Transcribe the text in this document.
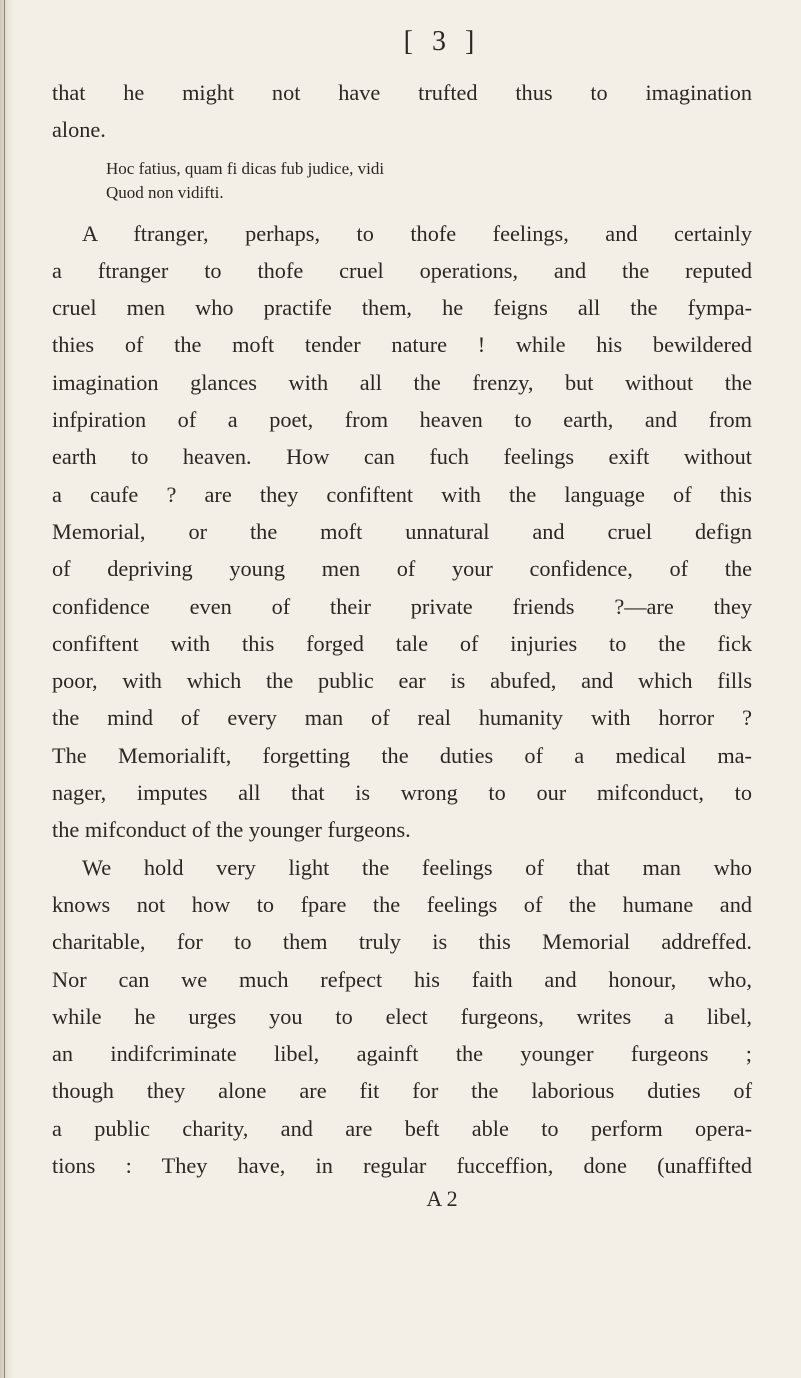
[ 3 ]
that he might not have trufted thus to imagination
alone.
Hoc fatius, quam fi dicas fub judice, vidi
Quod non vidifti.
A ftranger, perhaps, to thofe feelings, and certainly
a ftranger to thofe cruel operations, and the reputed
cruel men who practife them, he feigns all the fympa-
thies of the moft tender nature ! while his bewildered
imagination glances with all the frenzy, but without the
infpiration of a poet, from heaven to earth, and from
earth to heaven. How can fuch feelings exift without
a caufe ? are they confiftent with the language of this
Memorial, or the moft unnatural and cruel defign
of depriving young men of your confidence, of the
confidence even of their private friends ?—are they
confiftent with this forged tale of injuries to the fick
poor, with which the public ear is abufed, and which fills
the mind of every man of real humanity with horror ?
The Memorialift, forgetting the duties of a medical ma-
nager, imputes all that is wrong to our mifconduct, to
the mifconduct of the younger furgeons.
We hold very light the feelings of that man who
knows not how to fpare the feelings of the humane and
charitable, for to them truly is this Memorial addreffed.
Nor can we much refpect his faith and honour, who,
while he urges you to elect furgeons, writes a libel,
an indifcriminate libel, againft the younger furgeons ;
though they alone are fit for the laborious duties of
a public charity, and are beft able to perform opera-
tions : They have, in regular fucceffion, done (unaffifted
A 2
